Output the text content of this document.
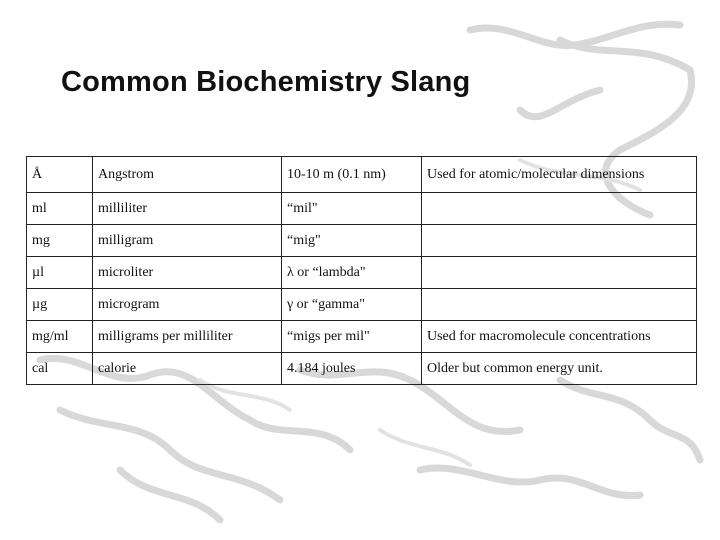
Common Biochemistry Slang
Å	Angstrom	10-10 m (0.1 nm)	Used for atomic/molecular dimensions
ml	milliliter	“mil"	
mg	milligram	“mig"	
µl	microliter	λ or “lambda"	
µg	microgram	γ or “gamma"	
mg/ml	milligrams per milliliter	“migs per mil"	Used for macromolecule concentrations
cal	calorie	4.184 joules	Older but common energy unit.
